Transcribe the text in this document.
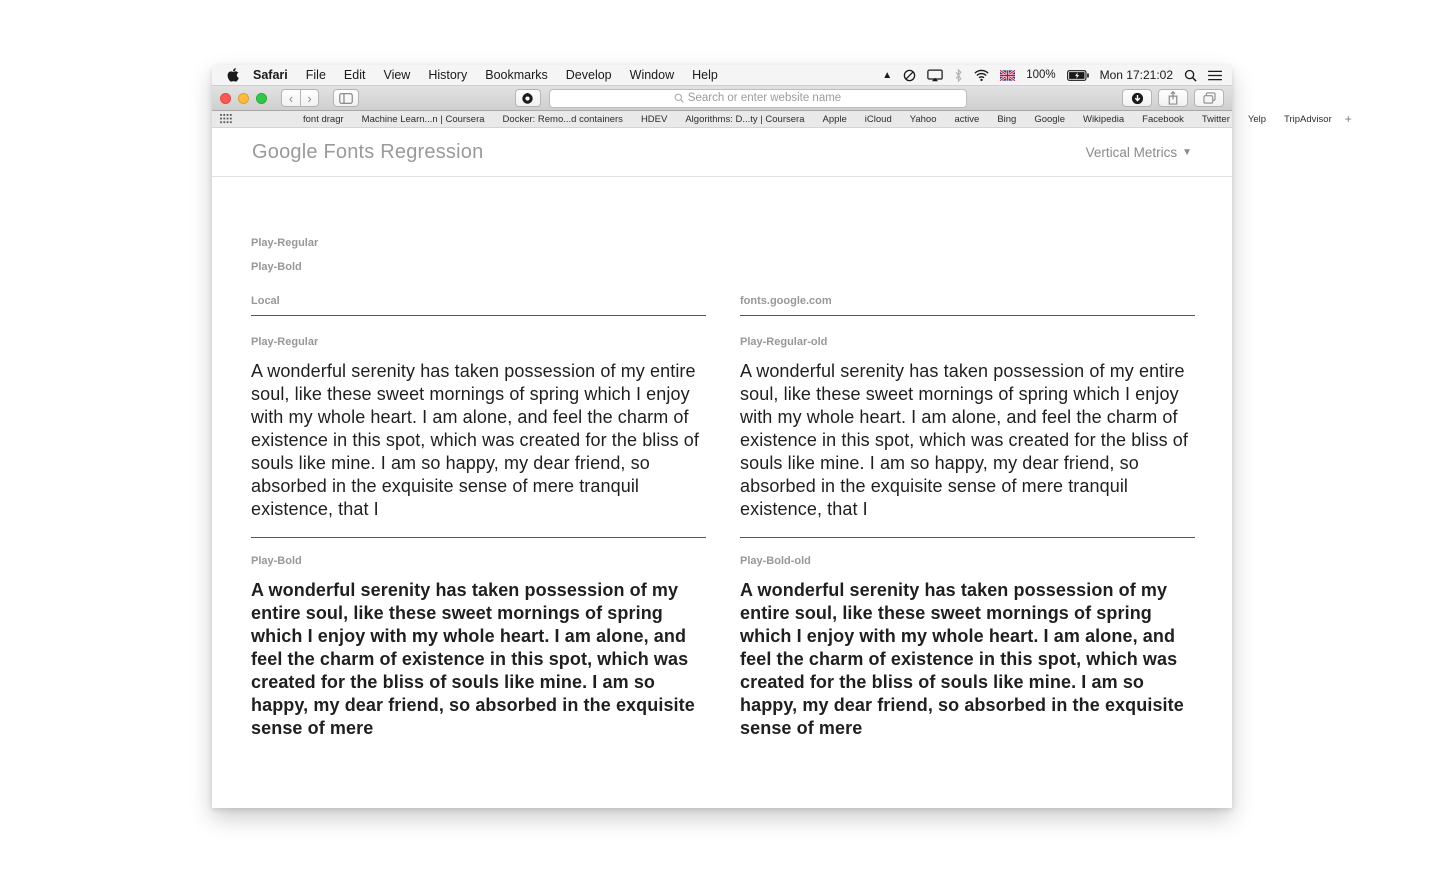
Safari	File	Edit	View	History	Bookmarks	Develop	Window	Help	▲	100%	Mon 17:21:02
‹ ›	Search or enter website name
font dragr	Machine Learn...n | Coursera	Docker: Remo...d containers	HDEV	Algorithms: D...ty | Coursera	Apple	iCloud	Yahoo	active	Bing	Google	Wikipedia	Facebook	Twitter	Yelp	TripAdvisor	+
Google Fonts Regression	Vertical Metrics ▼
Play-Regular
Play-Bold
Local
Play-Regular

A wonderful serenity has taken possession of my entire soul, like these sweet mornings of spring which I enjoy with my whole heart. I am alone, and feel the charm of existence in this spot, which was created for the bliss of souls like mine. I am so happy, my dear friend, so absorbed in the exquisite sense of mere tranquil existence, that I

Play-Bold

A wonderful serenity has taken possession of my entire soul, like these sweet mornings of spring which I enjoy with my whole heart. I am alone, and feel the charm of existence in this spot, which was created for the bliss of souls like mine. I am so happy, my dear friend, so absorbed in the exquisite sense of mere

fonts.google.com
Play-Regular-old

A wonderful serenity has taken possession of my entire soul, like these sweet mornings of spring which I enjoy with my whole heart. I am alone, and feel the charm of existence in this spot, which was created for the bliss of souls like mine. I am so happy, my dear friend, so absorbed in the exquisite sense of mere tranquil existence, that I

Play-Bold-old

A wonderful serenity has taken possession of my entire soul, like these sweet mornings of spring which I enjoy with my whole heart. I am alone, and feel the charm of existence in this spot, which was created for the bliss of souls like mine. I am so happy, my dear friend, so absorbed in the exquisite sense of mere
